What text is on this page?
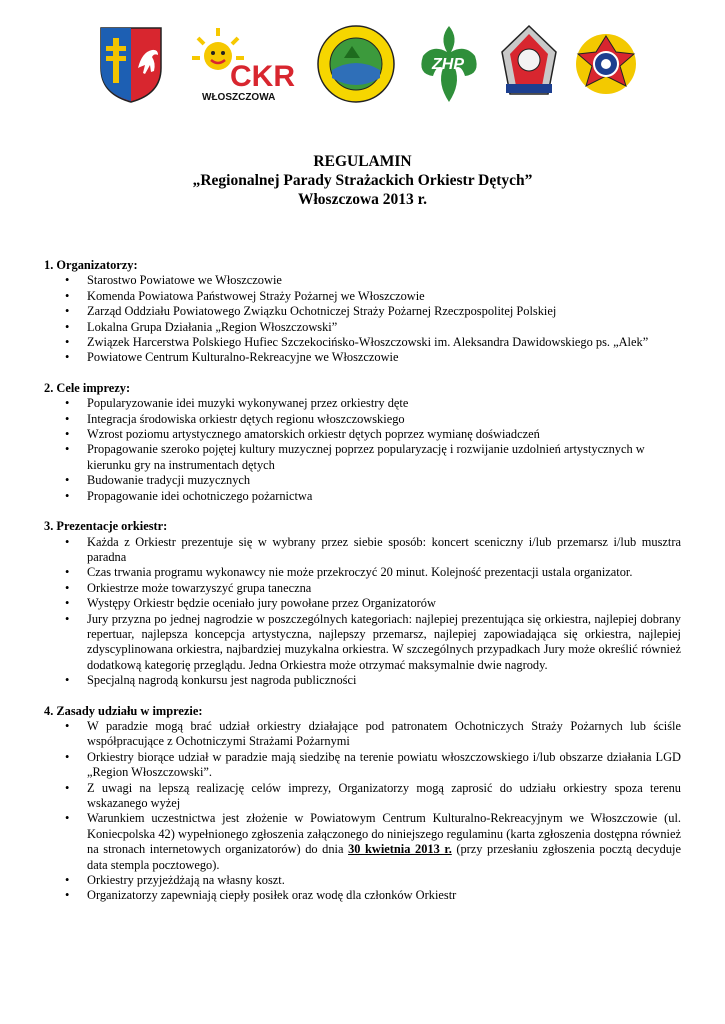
CKR
WŁOSZCZOWA
ZHP
REGULAMIN
„Regionalnej Parady Strażackich Orkiestr Dętych”
Włoszczowa 2013 r.
1. Organizatorzy:
• Starostwo Powiatowe we Włoszczowie
• Komenda Powiatowa Państwowej Straży Pożarnej we Włoszczowie
• Zarząd Oddziału Powiatowego Związku Ochotniczej Straży Pożarnej Rzeczpospolitej Polskiej
• Lokalna Grupa Działania „Region Włoszczowski”
• Związek Harcerstwa Polskiego Hufiec Szczekocińsko-Włoszczowski im. Aleksandra Dawidowskiego ps. „Alek”
• Powiatowe Centrum Kulturalno-Rekreacyjne we Włoszczowie
2. Cele imprezy:
• Popularyzowanie idei muzyki wykonywanej przez orkiestry dęte
• Integracja środowiska orkiestr dętych regionu włoszczowskiego
• Wzrost poziomu artystycznego amatorskich orkiestr dętych poprzez wymianę doświadczeń
• Propagowanie szeroko pojętej kultury muzycznej poprzez popularyzację i rozwijanie uzdolnień artystycznych w kierunku gry na instrumentach dętych
• Budowanie tradycji muzycznych
• Propagowanie idei ochotniczego pożarnictwa
3. Prezentacje orkiestr:
• Każda z Orkiestr prezentuje się w wybrany przez siebie sposób: koncert sceniczny i/lub przemarsz i/lub musztra paradna
• Czas trwania programu wykonawcy nie może przekroczyć 20 minut. Kolejność prezentacji ustala organizator.
• Orkiestrze może towarzyszyć grupa taneczna
• Występy Orkiestr będzie oceniało jury powołane przez Organizatorów
• Jury przyzna po jednej nagrodzie w poszczególnych kategoriach: najlepiej prezentująca się orkiestra, najlepiej dobrany repertuar, najlepsza koncepcja artystyczna, najlepszy przemarsz, najlepiej zapowiadająca się orkiestra, najlepiej zdyscyplinowana orkiestra, najbardziej muzykalna orkiestra. W szczególnych przypadkach Jury może określić również dodatkową kategorię przeglądu. Jedna Orkiestra może otrzymać maksymalnie dwie nagrody.
• Specjalną nagrodą konkursu jest nagroda publiczności
4. Zasady udziału w imprezie:
• W paradzie mogą brać udział orkiestry działające pod patronatem Ochotniczych Straży Pożarnych lub ściśle współpracujące z Ochotniczymi Strażami Pożarnymi
• Orkiestry biorące udział w paradzie mają siedzibę na terenie powiatu włoszczowskiego i/lub obszarze działania LGD „Region Włoszczowski”.
• Z uwagi na lepszą realizację celów imprezy, Organizatorzy mogą zaprosić do udziału orkiestry spoza terenu wskazanego wyżej
• Warunkiem uczestnictwa jest złożenie w Powiatowym Centrum Kulturalno-Rekreacyjnym we Włoszczowie (ul. Koniecpolska 42) wypełnionego zgłoszenia załączonego do niniejszego regulaminu (karta zgłoszenia dostępna również na stronach internetowych organizatorów) do dnia 30 kwietnia 2013 r. (przy przesłaniu zgłoszenia pocztą decyduje data stempla pocztowego).
• Orkiestry przyjeżdżają na własny koszt.
• Organizatorzy zapewniają ciepły posiłek oraz wodę dla członków Orkiestr
